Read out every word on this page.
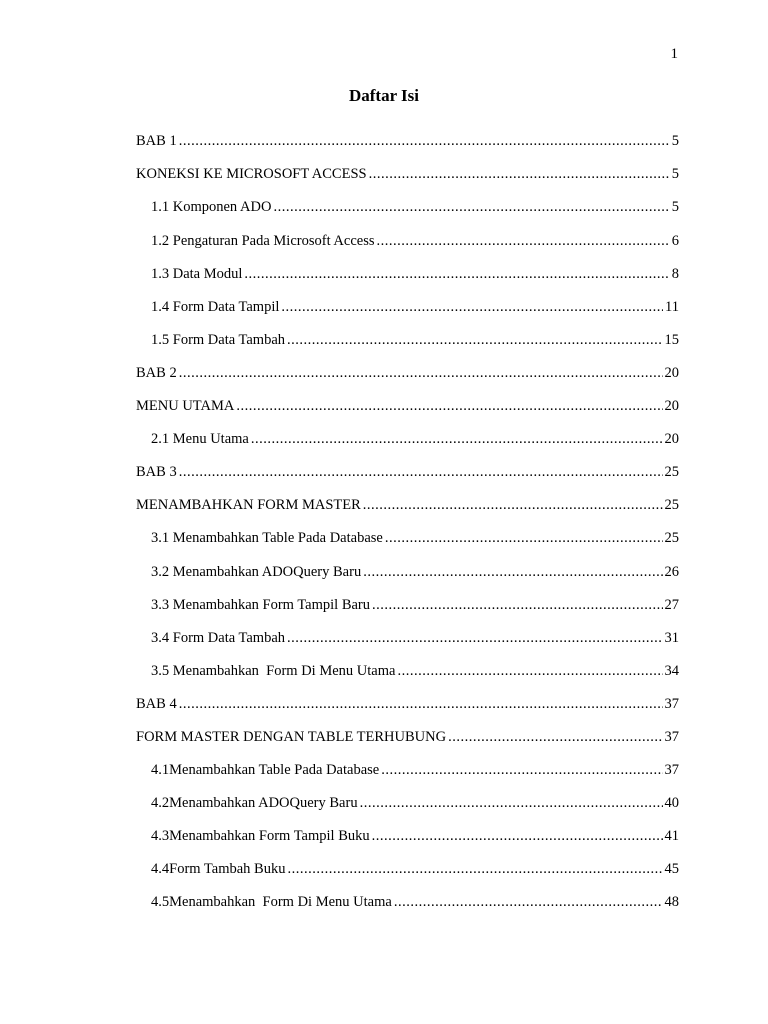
1
Daftar Isi
BAB 1 .....	5
KONEKSI KE MICROSOFT ACCESS .....	5
1.1 Komponen ADO .....	5
1.2 Pengaturan Pada Microsoft Access .....	6
1.3 Data Modul .....	8
1.4 Form Data Tampil .....	11
1.5 Form Data Tambah .....	15
BAB 2 .....	20
MENU UTAMA .....	20
2.1 Menu Utama .....	20
BAB 3 .....	25
MENAMBAHKAN FORM MASTER .....	25
3.1 Menambahkan Table Pada Database .....	25
3.2 Menambahkan ADOQuery Baru .....	26
3.3 Menambahkan Form Tampil Baru .....	27
3.4 Form Data Tambah .....	31
3.5 Menambahkan  Form Di Menu Utama .....	34
BAB 4 .....	37
FORM MASTER DENGAN TABLE TERHUBUNG .....	37
4.1 Menambahkan Table Pada Database .....	37
4.2 Menambahkan ADOQuery Baru .....	40
4.3 Menambahkan Form Tampil Buku .....	41
4.4 Form Tambah Buku .....	45
4.5 Menambahkan  Form Di Menu Utama .....	48
